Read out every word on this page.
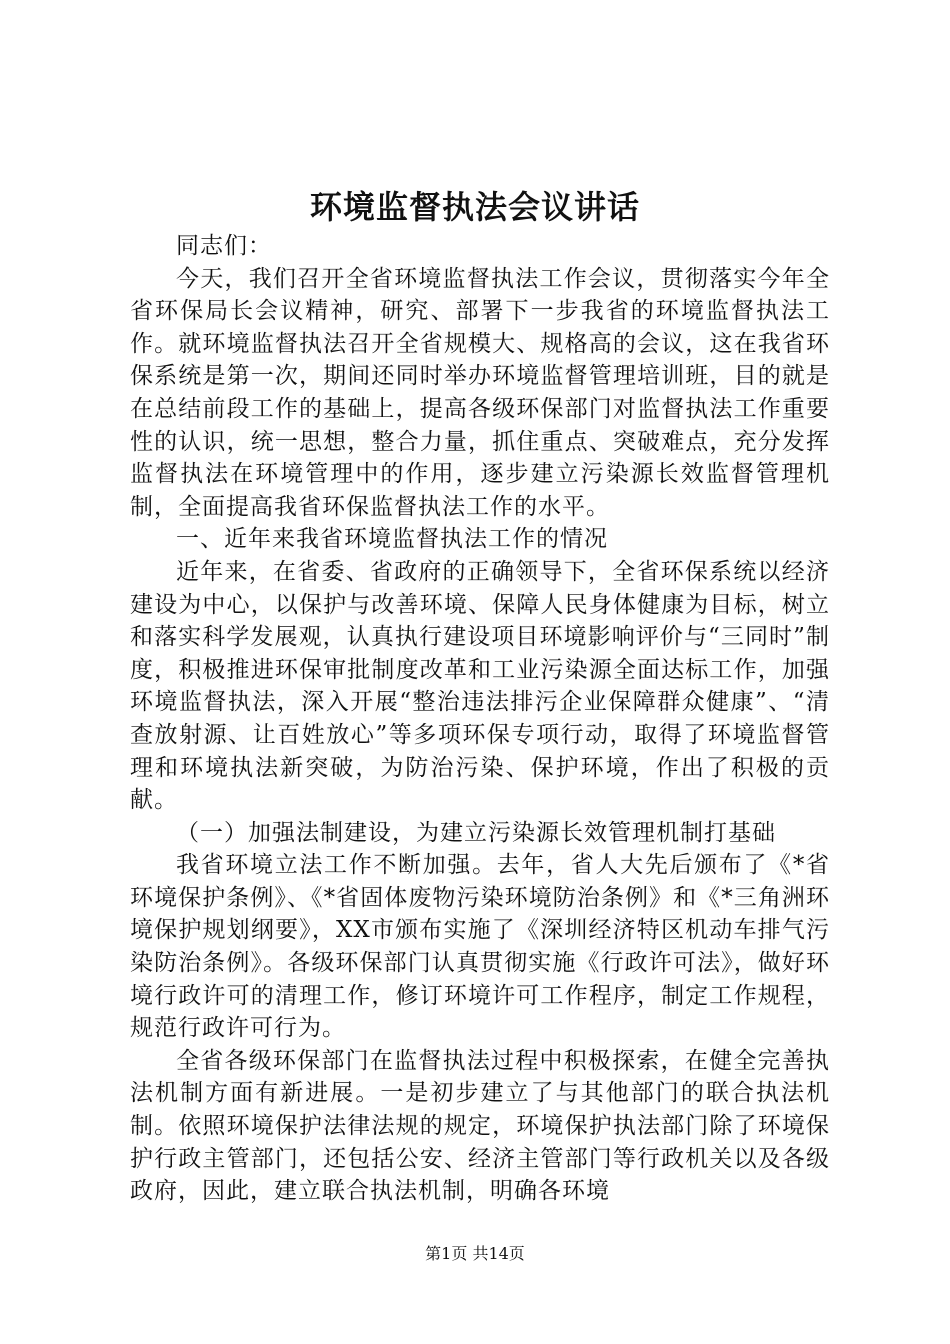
环境监督执法会议讲话

同志们：

今天，我们召开全省环境监督执法工作会议，贯彻落实今年全省环保局长会议精神，研究、部署下一步我省的环境监督执法工作。就环境监督执法召开全省规模大、规格高的会议，这在我省环保系统是第一次，期间还同时举办环境监督管理培训班，目的就是在总结前段工作的基础上，提高各级环保部门对监督执法工作重要性的认识，统一思想，整合力量，抓住重点、突破难点，充分发挥监督执法在环境管理中的作用，逐步建立污染源长效监督管理机制，全面提高我省环保监督执法工作的水平。

一、近年来我省环境监督执法工作的情况

近年来，在省委、省政府的正确领导下，全省环保系统以经济建设为中心，以保护与改善环境、保障人民身体健康为目标，树立和落实科学发展观，认真执行建设项目环境影响评价与“三同时”制度，积极推进环保审批制度改革和工业污染源全面达标工作，加强环境监督执法，深入开展“整治违法排污企业保障群众健康”、“清查放射源、让百姓放心”等多项环保专项行动，取得了环境监督管理和环境执法新突破，为防治污染、保护环境，作出了积极的贡献。

（一）加强法制建设，为建立污染源长效管理机制打基础

我省环境立法工作不断加强。去年，省人大先后颁布了《*省环境保护条例》、《*省固体废物污染环境防治条例》和《*三角洲环境保护规划纲要》，XX市颁布实施了《深圳经济特区机动车排气污染防治条例》。各级环保部门认真贯彻实施《行政许可法》，做好环境行政许可的清理工作，修订环境许可工作程序，制定工作规程，规范行政许可行为。

全省各级环保部门在监督执法过程中积极探索，在健全完善执法机制方面有新进展。一是初步建立了与其他部门的联合执法机制。依照环境保护法律法规的规定，环境保护执法部门除了环境保护行政主管部门，还包括公安、经济主管部门等行政机关以及各级政府，因此，建立联合执法机制，明确各环境

第1页 共14页
